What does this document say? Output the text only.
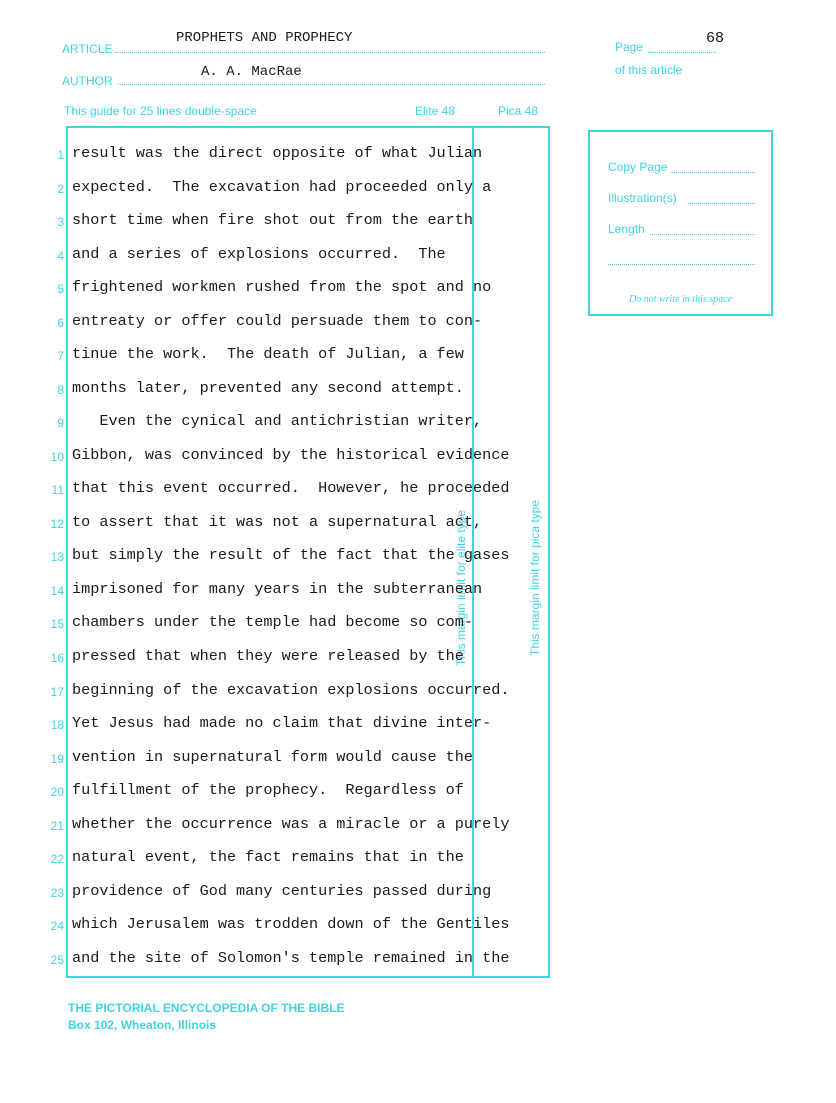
ARTICLE
PROPHETS AND PROPHECY
AUTHOR
A. A. MacRae
Page	68
of this article
This guide for 25 lines double-space	Elite 48	Pica 48
This margin limit for elite type	This margin limit for pica type
1 result was the direct opposite of what Julian
2 expected.  The excavation had proceeded only a
3 short time when fire shot out from the earth
4 and a series of explosions occurred.  The
5 frightened workmen rushed from the spot and no
6 entreaty or offer could persuade them to con-
7 tinue the work.  The death of Julian, a few
8 months later, prevented any second attempt.
9 Even the cynical and antichristian writer,
10 Gibbon, was convinced by the historical evidence
11 that this event occurred.  However, he proceeded
12 to assert that it was not a supernatural act,
13 but simply the result of the fact that the gases
14 imprisoned for many years in the subterranean
15 chambers under the temple had become so com-
16 pressed that when they were released by the
17 beginning of the excavation explosions occurred.
18 Yet Jesus had made no claim that divine inter-
19 vention in supernatural form would cause the
20 fulfillment of the prophecy.  Regardless of
21 whether the occurrence was a miracle or a purely
22 natural event, the fact remains that in the
23 providence of God many centuries passed during
24 which Jerusalem was trodden down of the Gentiles
25 and the site of Solomon's temple remained in the
Copy Page
Illustration(s)
Length
Do not write in this space
THE PICTORIAL ENCYCLOPEDIA OF THE BIBLE
Box 102, Wheaton, Illinois
